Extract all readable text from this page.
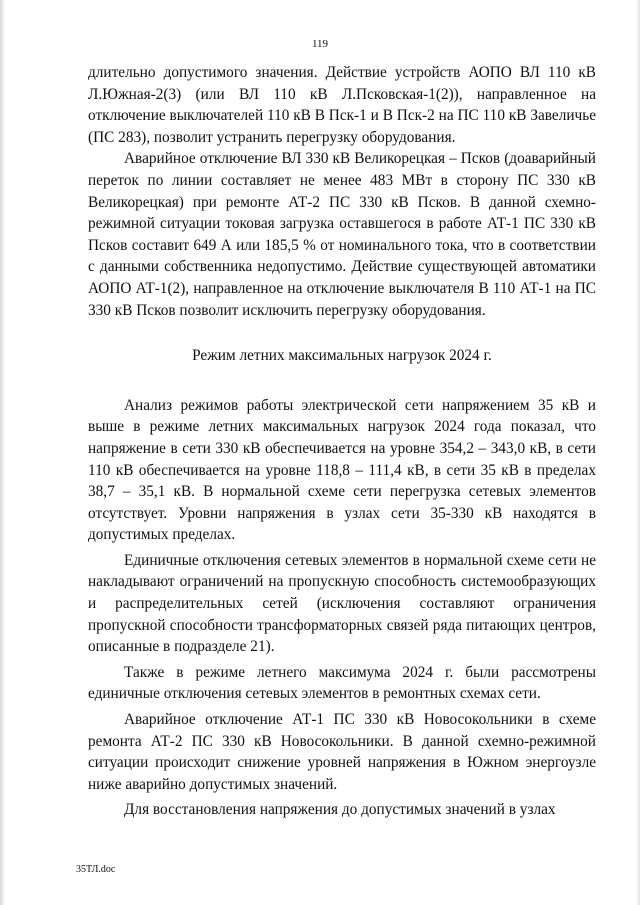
119

длительно допустимого значения. Действие устройств АОПО ВЛ 110 кВ Л.Южная-2(3) (или ВЛ 110 кВ Л.Псковская-1(2)), направленное на отключение выключателей 110 кВ В Пск-1 и В Пск-2 на ПС 110 кВ Завеличье (ПС 283), позволит устранить перегрузку оборудования.

Аварийное отключение ВЛ 330 кВ Великорецкая – Псков (доаварийный переток по линии составляет не менее 483 МВт в сторону ПС 330 кВ Великорецкая) при ремонте АТ-2 ПС 330 кВ Псков. В данной схемно-режимной ситуации токовая загрузка оставшегося в работе АТ-1 ПС 330 кВ Псков составит 649 А или 185,5 % от номинального тока, что в соответствии с данными собственника недопустимо. Действие существующей автоматики АОПО АТ-1(2), направленное на отключение выключателя В 110 АТ-1 на ПС 330 кВ Псков позволит исключить перегрузку оборудования.

Режим летних максимальных нагрузок 2024 г.

Анализ режимов работы электрической сети напряжением 35 кВ и выше в режиме летних максимальных нагрузок 2024 года показал, что напряжение в сети 330 кВ обеспечивается на уровне 354,2 – 343,0 кВ, в сети 110 кВ обеспечивается на уровне 118,8 – 111,4 кВ, в сети 35 кВ в пределах 38,7 – 35,1 кВ. В нормальной схеме сети перегрузка сетевых элементов отсутствует. Уровни напряжения в узлах сети 35-330 кВ находятся в допустимых пределах.

Единичные отключения сетевых элементов в нормальной схеме сети не накладывают ограничений на пропускную способность системообразующих и распределительных сетей (исключения составляют ограничения пропускной способности трансформаторных связей ряда питающих центров, описанные в подразделе 21).

Также в режиме летнего максимума 2024 г. были рассмотрены единичные отключения сетевых элементов в ремонтных схемах сети.

Аварийное отключение АТ-1 ПС 330 кВ Новосокольники в схеме ремонта АТ-2 ПС 330 кВ Новосокольники. В данной схемно-режимной ситуации происходит снижение уровней напряжения в Южном энергоузле ниже аварийно допустимых значений.

Для восстановления напряжения до допустимых значений в узлах

35ТЛ.doc
